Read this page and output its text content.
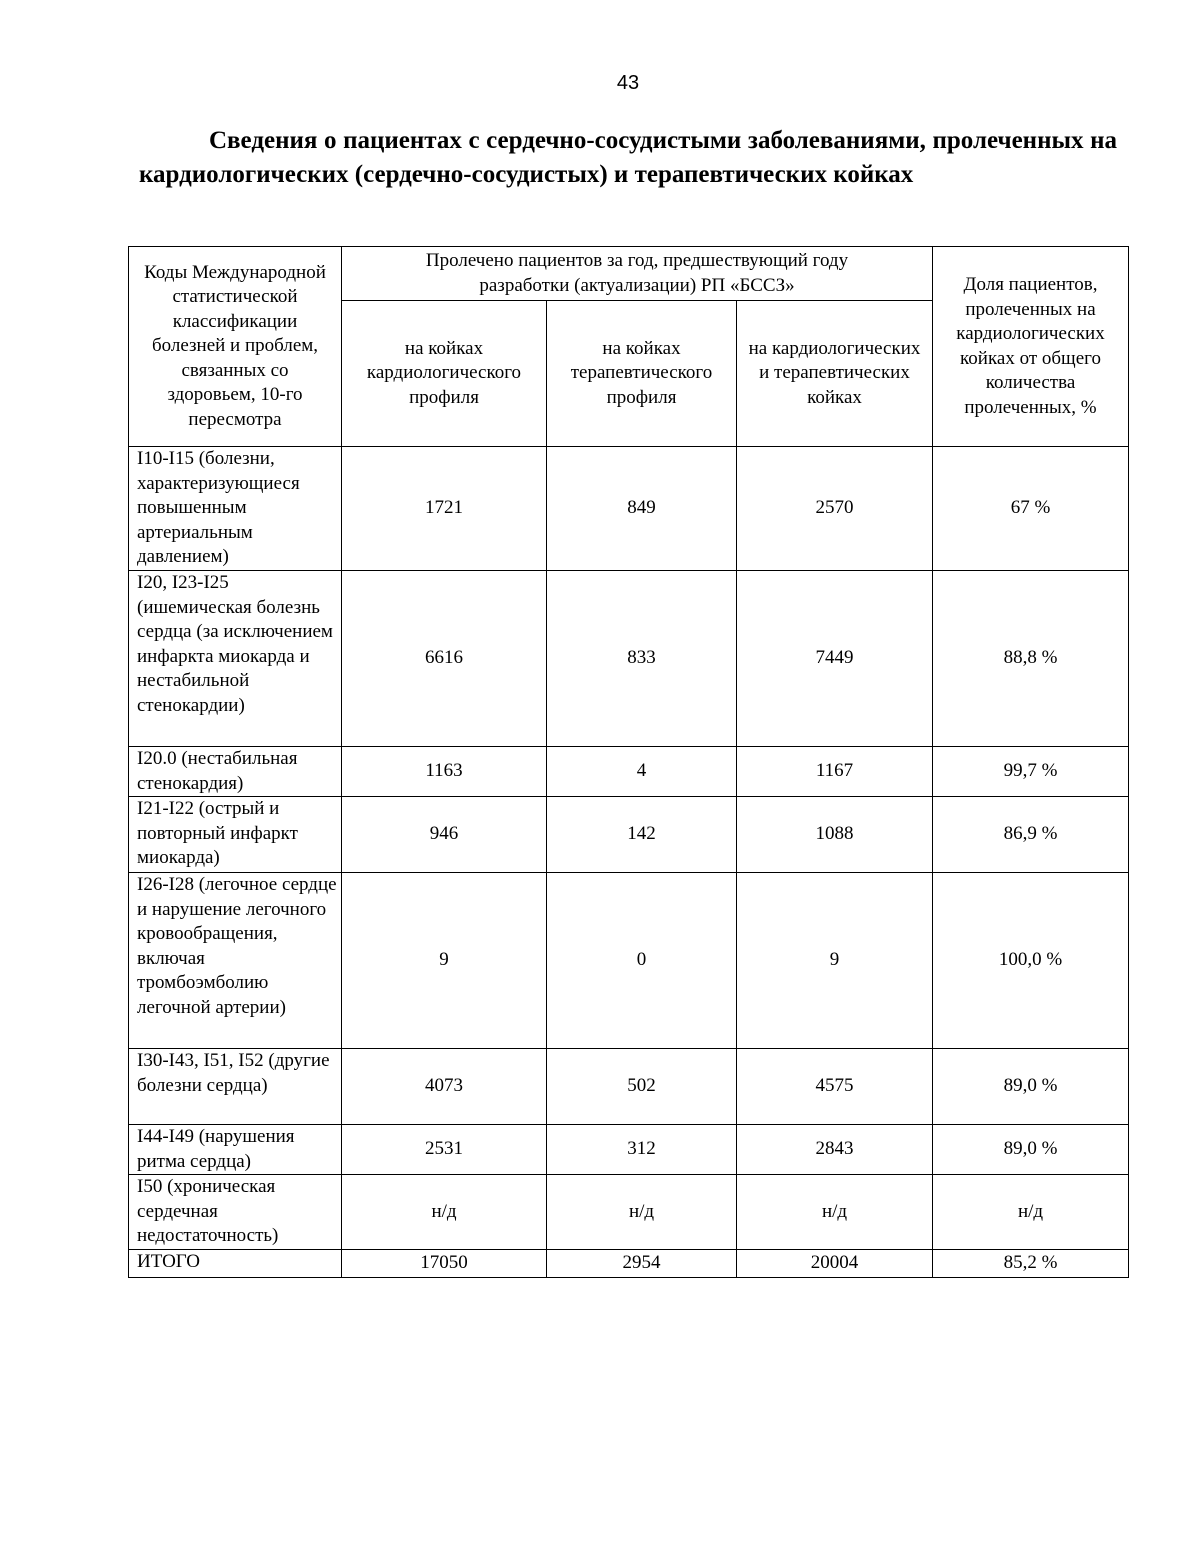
43
Сведения о пациентах с сердечно-сосудистыми заболеваниями, пролеченных на кардиологических (сердечно-сосудистых) и терапевтических койках
Коды Международной статистической классификации болезней и проблем, связанных со здоровьем, 10-го пересмотра	Пролечено пациентов за год, предшествующий году разработки (актуализации) РП «БССЗ»			Доля пациентов, пролеченных на кардиологических койках от общего количества пролеченных, %
	на койках кардиологического профиля	на койках терапевтического профиля	на кардиологических и терапевтических койках	
I10-I15 (болезни, характеризующиеся повышенным артериальным давлением)	1721	849	2570	67 %
I20, I23-I25 (ишемическая болезнь сердца (за исключением инфаркта миокарда и нестабильной стенокардии)	6616	833	7449	88,8 %
I20.0 (нестабильная стенокардия)	1163	4	1167	99,7 %
I21-I22 (острый и повторный инфаркт миокарда)	946	142	1088	86,9 %
I26-I28 (легочное сердце и нарушение легочного кровообращения, включая тромбоэмболию легочной артерии)	9	0	9	100,0 %
I30-I43, I51, I52 (другие болезни сердца)	4073	502	4575	89,0 %
I44-I49 (нарушения ритма сердца)	2531	312	2843	89,0 %
I50 (хроническая сердечная недостаточность)	н/д	н/д	н/д	н/д
ИТОГО	17050	2954	20004	85,2 %
